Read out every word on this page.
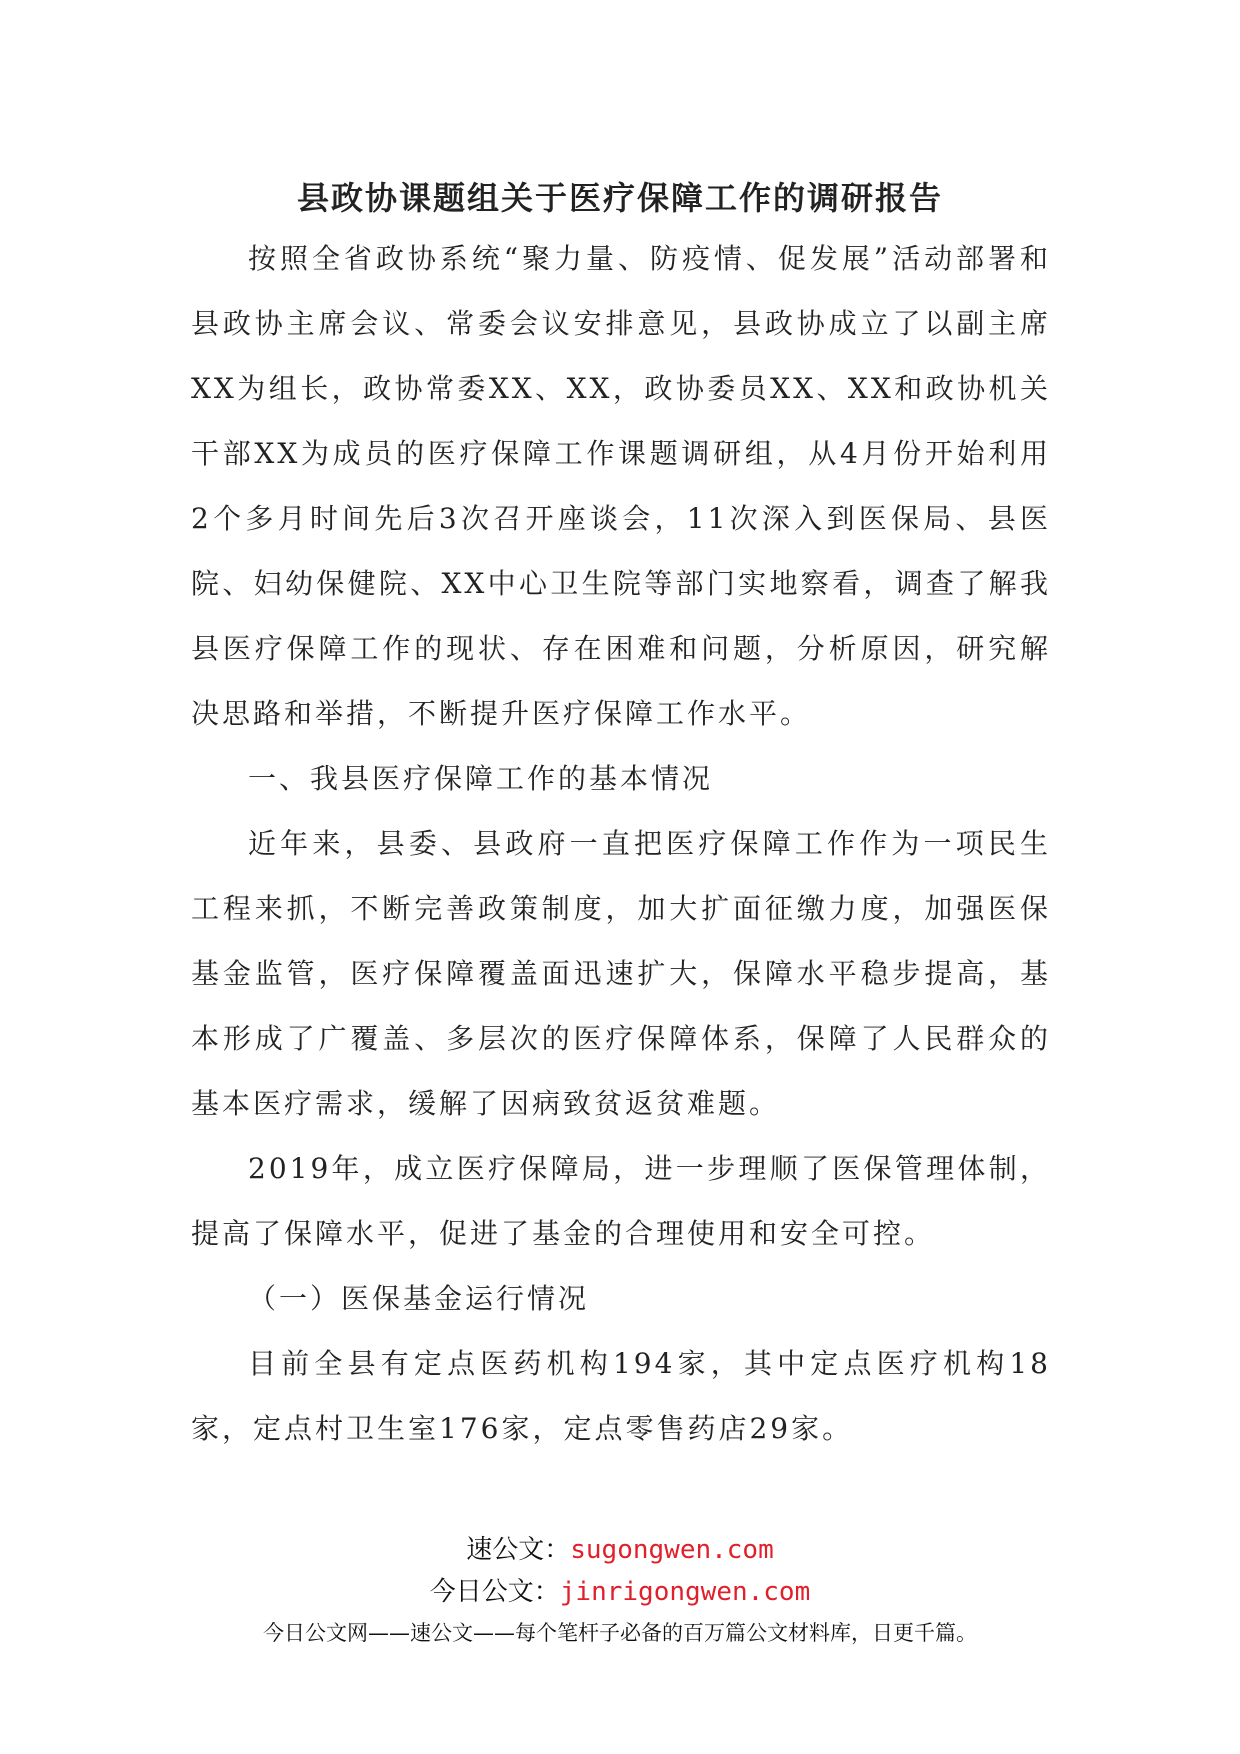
县政协课题组关于医疗保障工作的调研报告

按照全省政协系统“聚力量、防疫情、促发展”活动部署和县政协主席会议、常委会议安排意见，县政协成立了以副主席XX为组长，政协常委XX、XX，政协委员XX、XX和政协机关干部XX为成员的医疗保障工作课题调研组，从4月份开始利用2个多月时间先后3次召开座谈会，11次深入到医保局、县医院、妇幼保健院、XX中心卫生院等部门实地察看，调查了解我县医疗保障工作的现状、存在困难和问题，分析原因，研究解决思路和举措，不断提升医疗保障工作水平。

一、我县医疗保障工作的基本情况

近年来，县委、县政府一直把医疗保障工作作为一项民生工程来抓，不断完善政策制度，加大扩面征缴力度，加强医保基金监管，医疗保障覆盖面迅速扩大，保障水平稳步提高，基本形成了广覆盖、多层次的医疗保障体系，保障了人民群众的基本医疗需求，缓解了因病致贫返贫难题。

2019年，成立医疗保障局，进一步理顺了医保管理体制，提高了保障水平，促进了基金的合理使用和安全可控。

（一）医保基金运行情况

目前全县有定点医药机构194家，其中定点医疗机构18家，定点村卫生室176家，定点零售药店29家。

速公文：sugongwen.com
今日公文：jinrigongwen.com
今日公文网——速公文——每个笔杆子必备的百万篇公文材料库，日更千篇。
